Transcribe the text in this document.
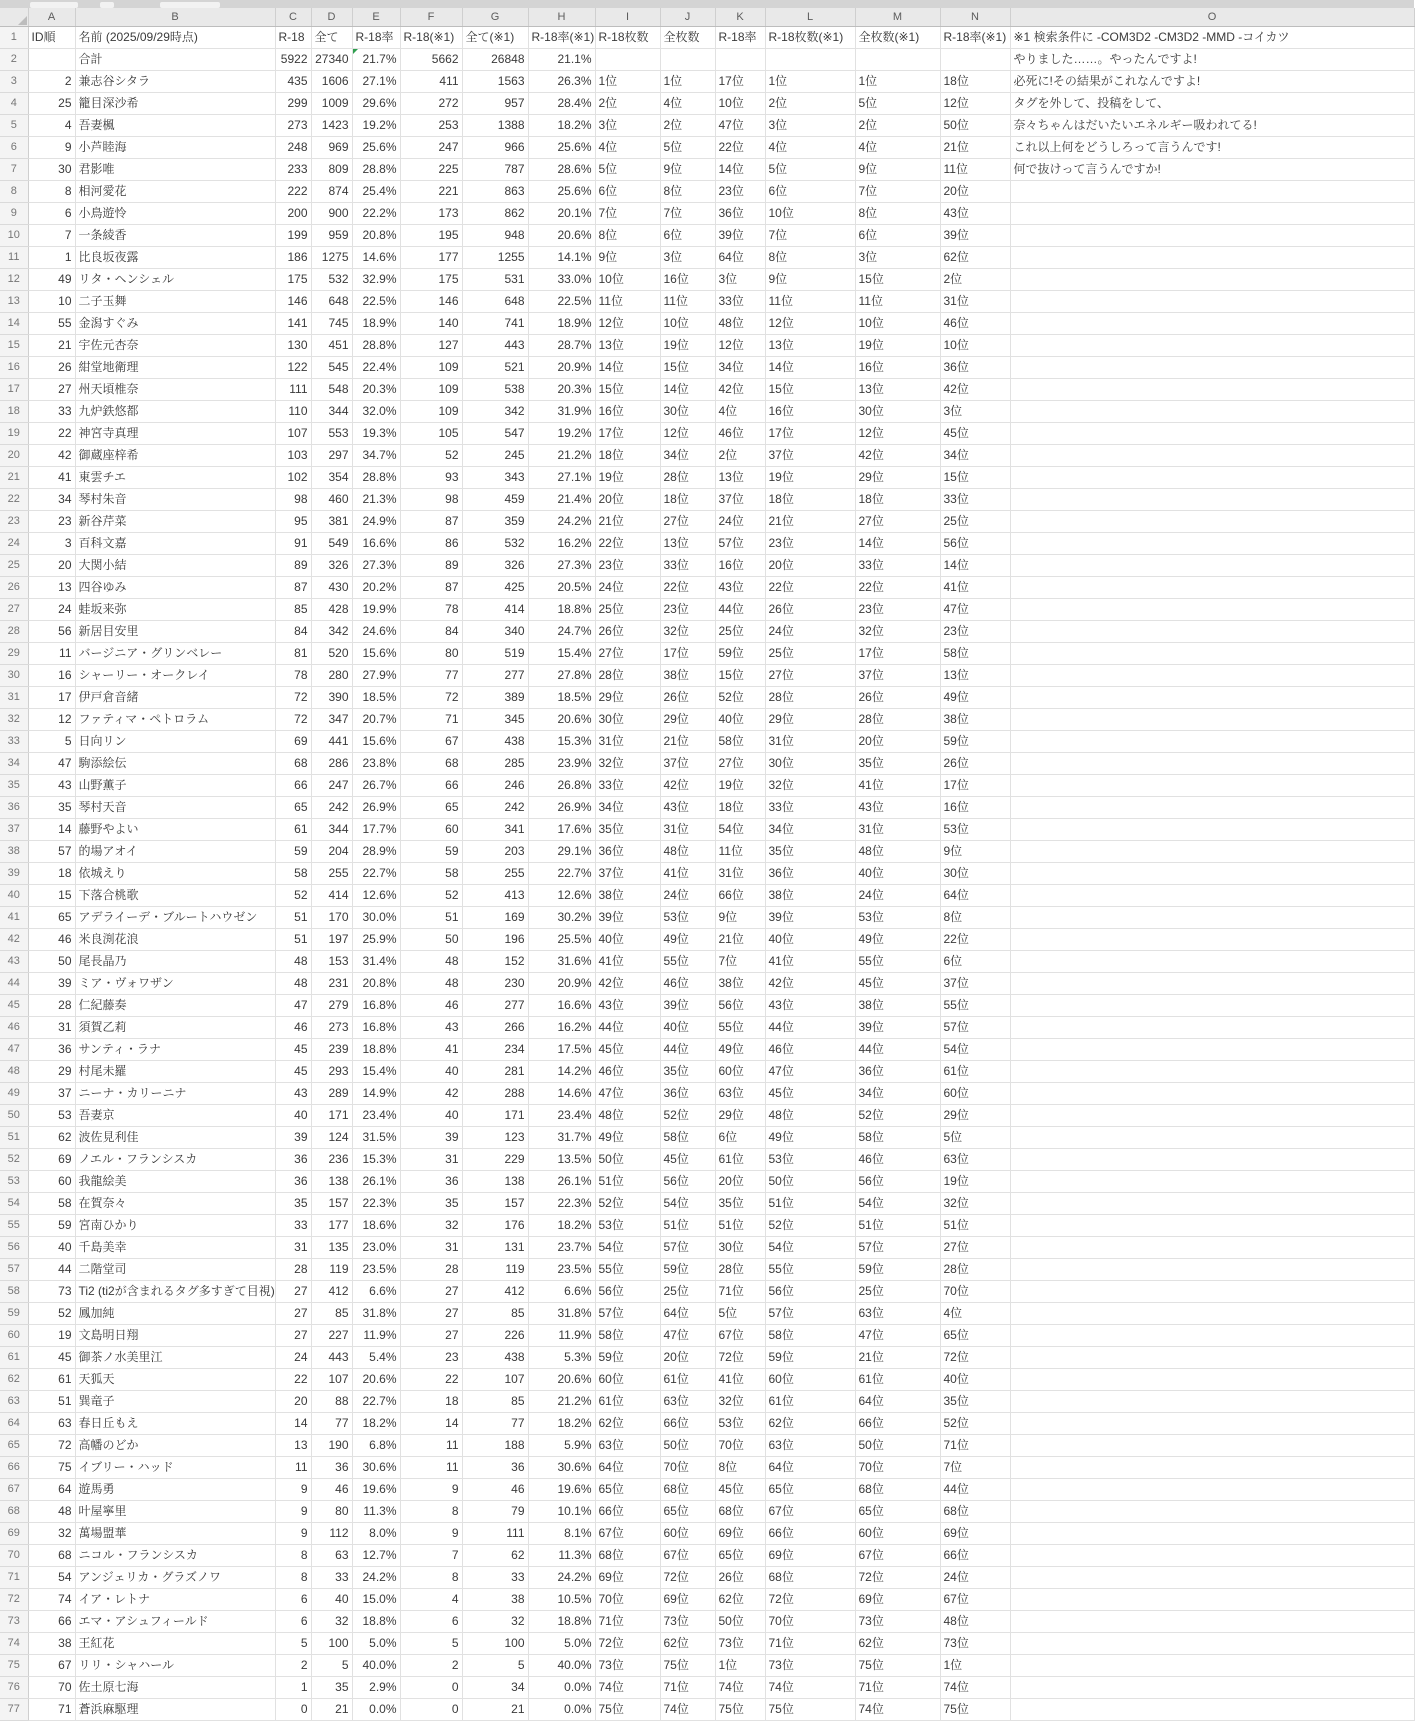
	A	B	C	D	E	F	G	H	I	J	K	L	M	N	O
1	ID順	名前 (2025/09/29時点)	R-18	全て	R-18率	R-18(※1)	全て(※1)	R-18率(※1)	R-18枚数	全枚数	R-18率	R-18枚数(※1)	全枚数(※1)	R-18率(※1)	※1 検索条件に -COM3D2 -CM3D2 -MMD -コイカツ
2		合計	5922	27340	21.7%	5662	26848	21.1%							やりました……。やったんですよ!
3	2	兼志谷シタラ	435	1606	27.1%	411	1563	26.3%	1位	1位	17位	1位	1位	18位	必死に!その結果がこれなんですよ!
4	25	籠目深沙希	299	1009	29.6%	272	957	28.4%	2位	4位	10位	2位	5位	12位	タグを外して、投稿をして、
5	4	吾妻楓	273	1423	19.2%	253	1388	18.2%	3位	2位	47位	3位	2位	50位	奈々ちゃんはだいたいエネルギー吸われてる!
6	9	小芦睦海	248	969	25.6%	247	966	25.6%	4位	5位	22位	4位	4位	21位	これ以上何をどうしろって言うんです!
7	30	君影唯	233	809	28.8%	225	787	28.6%	5位	9位	14位	5位	9位	11位	何で抜けって言うんですか!
8	8	相河愛花	222	874	25.4%	221	863	25.6%	6位	8位	23位	6位	7位	20位	
9	6	小鳥遊怜	200	900	22.2%	173	862	20.1%	7位	7位	36位	10位	8位	43位	
10	7	一条綾香	199	959	20.8%	195	948	20.6%	8位	6位	39位	7位	6位	39位	
11	1	比良坂夜露	186	1275	14.6%	177	1255	14.1%	9位	3位	64位	8位	3位	62位	
12	49	リタ・ヘンシェル	175	532	32.9%	175	531	33.0%	10位	16位	3位	9位	15位	2位	
13	10	二子玉舞	146	648	22.5%	146	648	22.5%	11位	11位	33位	11位	11位	31位	
14	55	金潟すぐみ	141	745	18.9%	140	741	18.9%	12位	10位	48位	12位	10位	46位	
15	21	宇佐元杏奈	130	451	28.8%	127	443	28.7%	13位	19位	12位	13位	19位	10位	
16	26	紺堂地衛理	122	545	22.4%	109	521	20.9%	14位	15位	34位	14位	16位	36位	
17	27	州天頃椎奈	111	548	20.3%	109	538	20.3%	15位	14位	42位	15位	13位	42位	
18	33	九炉鉄悠都	110	344	32.0%	109	342	31.9%	16位	30位	4位	16位	30位	3位	
19	22	神宮寺真理	107	553	19.3%	105	547	19.2%	17位	12位	46位	17位	12位	45位	
20	42	御蔵座梓希	103	297	34.7%	52	245	21.2%	18位	34位	2位	37位	42位	34位	
21	41	東雲チエ	102	354	28.8%	93	343	27.1%	19位	28位	13位	19位	29位	15位	
22	34	琴村朱音	98	460	21.3%	98	459	21.4%	20位	18位	37位	18位	18位	33位	
23	23	新谷芹菜	95	381	24.9%	87	359	24.2%	21位	27位	24位	21位	27位	25位	
24	3	百科文嘉	91	549	16.6%	86	532	16.2%	22位	13位	57位	23位	14位	56位	
25	20	大関小結	89	326	27.3%	89	326	27.3%	23位	33位	16位	20位	33位	14位	
26	13	四谷ゆみ	87	430	20.2%	87	425	20.5%	24位	22位	43位	22位	22位	41位	
27	24	蛙坂来弥	85	428	19.9%	78	414	18.8%	25位	23位	44位	26位	23位	47位	
28	56	新居目安里	84	342	24.6%	84	340	24.7%	26位	32位	25位	24位	32位	23位	
29	11	バージニア・グリンベレー	81	520	15.6%	80	519	15.4%	27位	17位	59位	25位	17位	58位	
30	16	シャーリー・オークレイ	78	280	27.9%	77	277	27.8%	28位	38位	15位	27位	37位	13位	
31	17	伊戸倉音緒	72	390	18.5%	72	389	18.5%	29位	26位	52位	28位	26位	49位	
32	12	ファティマ・ペトロラム	72	347	20.7%	71	345	20.6%	30位	29位	40位	29位	28位	38位	
33	5	日向リン	69	441	15.6%	67	438	15.3%	31位	21位	58位	31位	20位	59位	
34	47	駒添絵伝	68	286	23.8%	68	285	23.9%	32位	37位	27位	30位	35位	26位	
35	43	山野薫子	66	247	26.7%	66	246	26.8%	33位	42位	19位	32位	41位	17位	
36	35	琴村天音	65	242	26.9%	65	242	26.9%	34位	43位	18位	33位	43位	16位	
37	14	藤野やよい	61	344	17.7%	60	341	17.6%	35位	31位	54位	34位	31位	53位	
38	57	的場アオイ	59	204	28.9%	59	203	29.1%	36位	48位	11位	35位	48位	9位	
39	18	依城えり	58	255	22.7%	58	255	22.7%	37位	41位	31位	36位	40位	30位	
40	15	下落合桃歌	52	414	12.6%	52	413	12.6%	38位	24位	66位	38位	24位	64位	
41	65	アデライーデ・ブルートハウゼン	51	170	30.0%	51	169	30.2%	39位	53位	9位	39位	53位	8位	
42	46	米良渕花浪	51	197	25.9%	50	196	25.5%	40位	49位	21位	40位	49位	22位	
43	50	尾長晶乃	48	153	31.4%	48	152	31.6%	41位	55位	7位	41位	55位	6位	
44	39	ミア・ヴォワザン	48	231	20.8%	48	230	20.9%	42位	46位	38位	42位	45位	37位	
45	28	仁紀藤奏	47	279	16.8%	46	277	16.6%	43位	39位	56位	43位	38位	55位	
46	31	須賀乙莉	46	273	16.8%	43	266	16.2%	44位	40位	55位	44位	39位	57位	
47	36	サンティ・ラナ	45	239	18.8%	41	234	17.5%	45位	44位	49位	46位	44位	54位	
48	29	村尾未羅	45	293	15.4%	40	281	14.2%	46位	35位	60位	47位	36位	61位	
49	37	ニーナ・カリーニナ	43	289	14.9%	42	288	14.6%	47位	36位	63位	45位	34位	60位	
50	53	吾妻京	40	171	23.4%	40	171	23.4%	48位	52位	29位	48位	52位	29位	
51	62	波佐見利佳	39	124	31.5%	39	123	31.7%	49位	58位	6位	49位	58位	5位	
52	69	ノエル・フランシスカ	36	236	15.3%	31	229	13.5%	50位	45位	61位	53位	46位	63位	
53	60	我龍絵美	36	138	26.1%	36	138	26.1%	51位	56位	20位	50位	56位	19位	
54	58	在賀奈々	35	157	22.3%	35	157	22.3%	52位	54位	35位	51位	54位	32位	
55	59	宮南ひかり	33	177	18.6%	32	176	18.2%	53位	51位	51位	52位	51位	51位	
56	40	千島美幸	31	135	23.0%	31	131	23.7%	54位	57位	30位	54位	57位	27位	
57	44	二階堂司	28	119	23.5%	28	119	23.5%	55位	59位	28位	55位	59位	28位	
58	73	Ti2 (ti2が含まれるタグ多すぎて目視)	27	412	6.6%	27	412	6.6%	56位	25位	71位	56位	25位	70位	
59	52	鳳加純	27	85	31.8%	27	85	31.8%	57位	64位	5位	57位	63位	4位	
60	19	文島明日翔	27	227	11.9%	27	226	11.9%	58位	47位	67位	58位	47位	65位	
61	45	御茶ノ水美里江	24	443	5.4%	23	438	5.3%	59位	20位	72位	59位	21位	72位	
62	61	天狐天	22	107	20.6%	22	107	20.6%	60位	61位	41位	60位	61位	40位	
63	51	巽竜子	20	88	22.7%	18	85	21.2%	61位	63位	32位	61位	64位	35位	
64	63	春日丘もえ	14	77	18.2%	14	77	18.2%	62位	66位	53位	62位	66位	52位	
65	72	高幡のどか	13	190	6.8%	11	188	5.9%	63位	50位	70位	63位	50位	71位	
66	75	イブリー・ハッド	11	36	30.6%	11	36	30.6%	64位	70位	8位	64位	70位	7位	
67	64	遊馬勇	9	46	19.6%	9	46	19.6%	65位	68位	45位	65位	68位	44位	
68	48	叶屋寧里	9	80	11.3%	8	79	10.1%	66位	65位	68位	67位	65位	68位	
69	32	萬場盟華	9	112	8.0%	9	111	8.1%	67位	60位	69位	66位	60位	69位	
70	68	ニコル・フランシスカ	8	63	12.7%	7	62	11.3%	68位	67位	65位	69位	67位	66位	
71	54	アンジェリカ・グラズノワ	8	33	24.2%	8	33	24.2%	69位	72位	26位	68位	72位	24位	
72	74	イア・レトナ	6	40	15.0%	4	38	10.5%	70位	69位	62位	72位	69位	67位	
73	66	エマ・アシュフィールド	6	32	18.8%	6	32	18.8%	71位	73位	50位	70位	73位	48位	
74	38	王紅花	5	100	5.0%	5	100	5.0%	72位	62位	73位	71位	62位	73位	
75	67	リリ・シャハール	2	5	40.0%	2	5	40.0%	73位	75位	1位	73位	75位	1位	
76	70	佐土原七海	1	35	2.9%	0	34	0.0%	74位	71位	74位	74位	71位	74位	
77	71	蒼浜麻駆理	0	21	0.0%	0	21	0.0%	75位	74位	75位	75位	74位	75位	
